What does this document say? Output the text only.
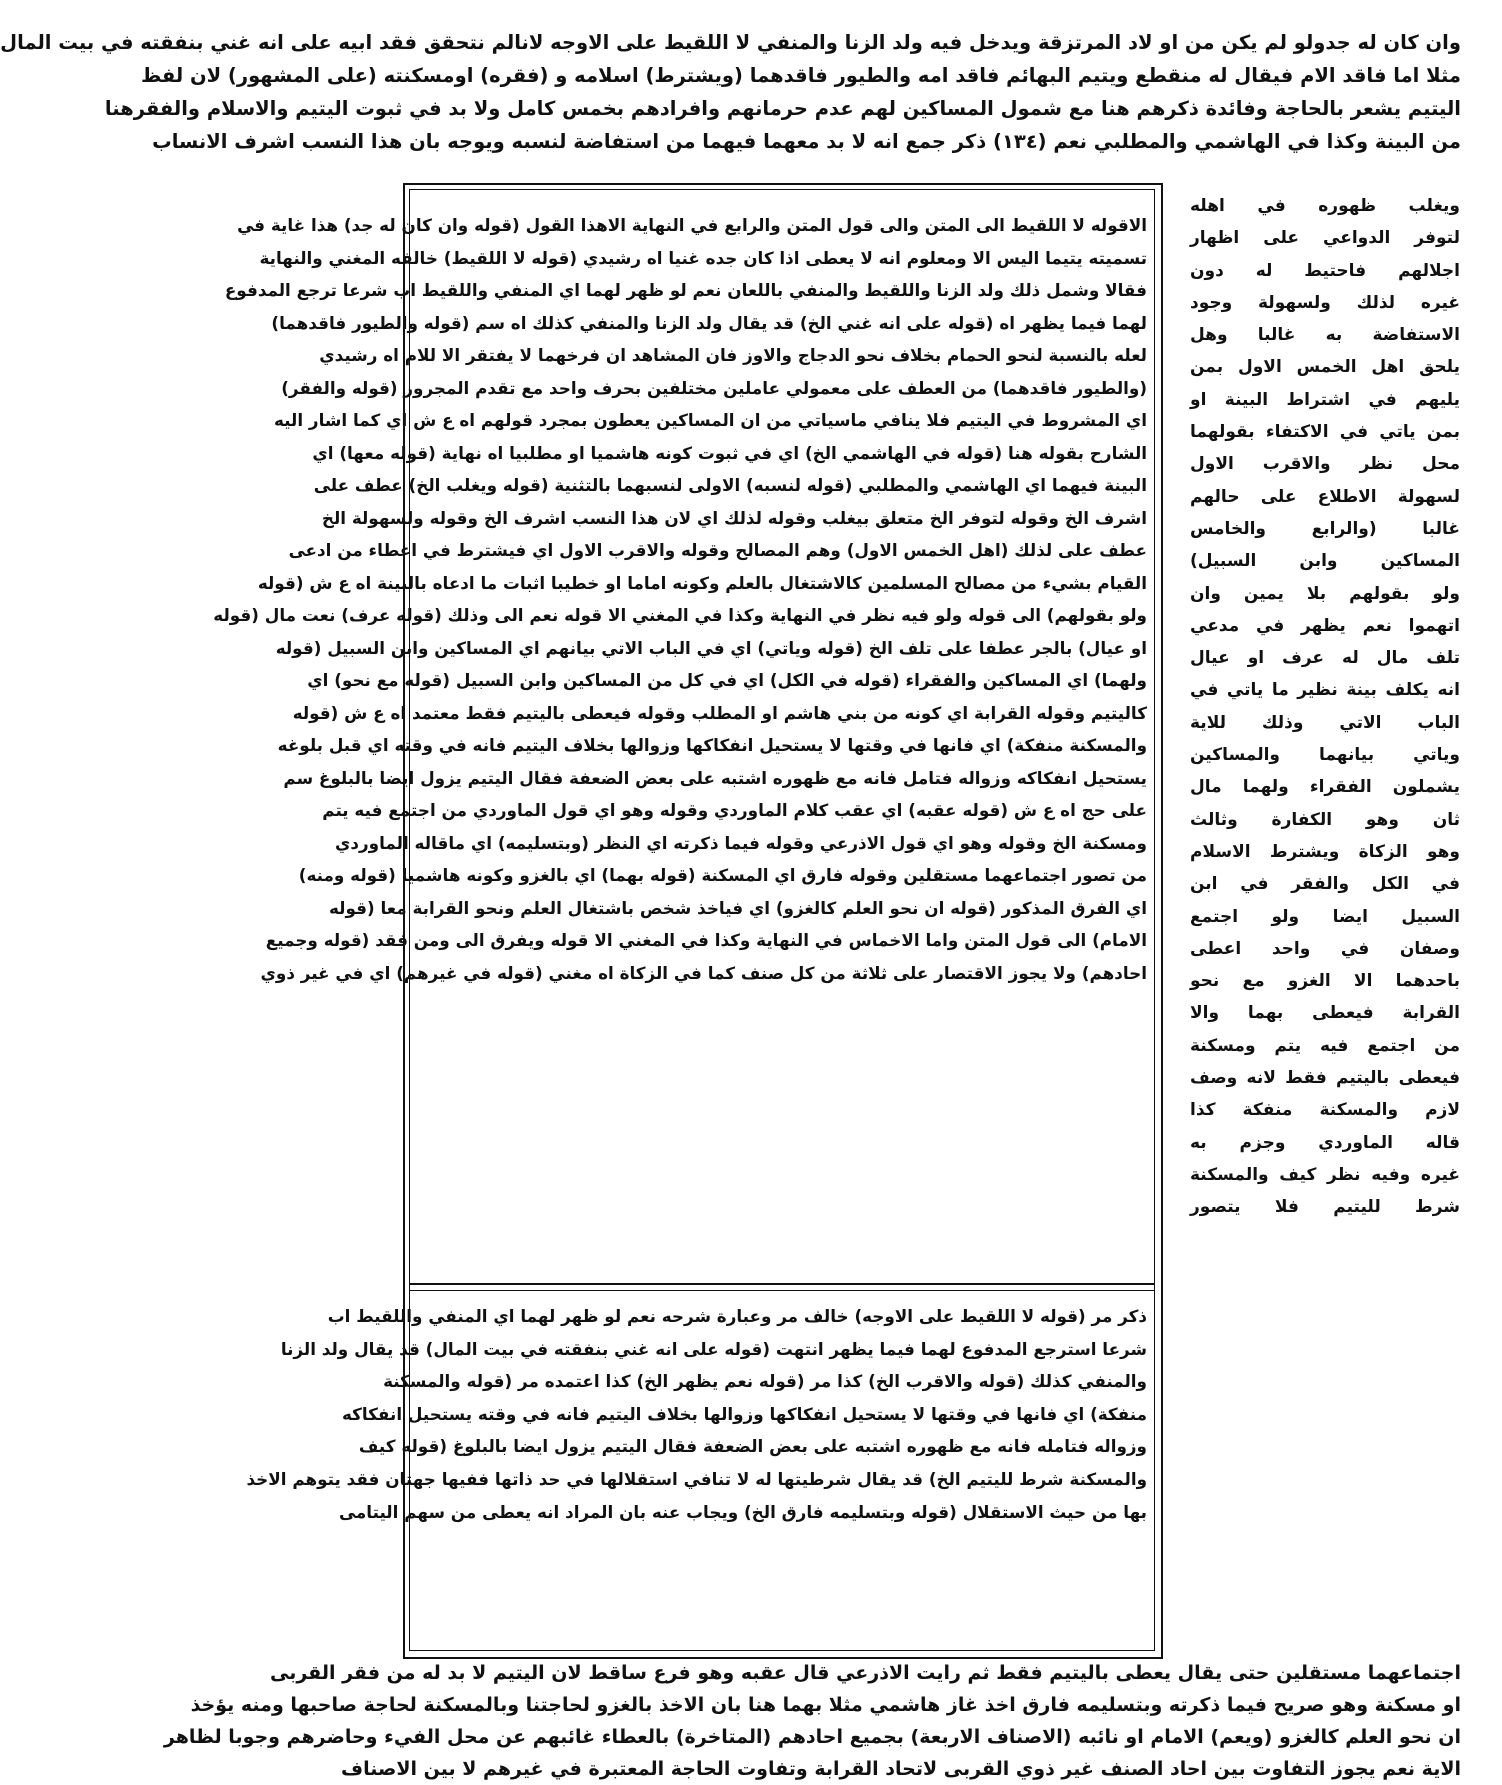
وان كان له جدولو لم يكن من او لاد المرتزقة ويدخل فيه ولد الزنا والمنفي لا اللقيط على الاوجه لانالم نتحقق فقد ابيه على انه غني بنفقته في بيت المال
مثلا اما فاقد الام فيقال له منقطع ويتيم البهائم فاقد امه والطيور فاقدهما (ويشترط) اسلامه و (فقره) اومسكنته (على المشهور) لان لفظ
اليتيم يشعر بالحاجة وفائدة ذكرهم هنا مع شمول المساكين لهم عدم حرمانهم وافرادهم بخمس كامل ولا بد في ثبوت اليتيم والاسلام والفقرهنا
من البينة وكذا في الهاشمي والمطلبي نعم (١٣٤) ذكر جمع انه لا بد معهما فيهما من استفاضة لنسبه ويوجه بان هذا النسب اشرف الانساب
الاقوله لا اللقيط الى المتن والى قول المتن والرابع في النهاية الاهذا القول (قوله وان كان له جد) هذا غاية في
تسميته يتيما اليس الا ومعلوم انه لا يعطى اذا كان جده غنيا اه رشيدي (قوله لا اللقيط) خالفه المغني والنهاية
فقالا وشمل ذلك ولد الزنا واللقيط والمنفي باللعان نعم لو ظهر لهما اي المنفي واللقيط اب شرعا ترجع المدفوع
لهما فيما يظهر اه (قوله على انه غني الخ) قد يقال ولد الزنا والمنفي كذلك اه سم (قوله والطيور فاقدهما)
لعله بالنسبة لنحو الحمام بخلاف نحو الدجاج والاوز فان المشاهد ان فرخهما لا يفتقر الا للام اه رشيدي
(والطيور فاقدهما) من العطف على معمولي عاملين مختلفين بحرف واحد مع تقدم المجرور (قوله والفقر)
اي المشروط في اليتيم فلا ينافي ماسياتي من ان المساكين يعطون بمجرد قولهم اه ع ش اي كما اشار اليه
الشارح بقوله هنا (قوله في الهاشمي الخ) اي في ثبوت كونه هاشميا او مطلبيا اه نهاية (قوله معها) اي
البينة فيهما اي الهاشمي والمطلبي (قوله لنسبه) الاولى لنسبهما بالتثنية (قوله ويغلب الخ) عطف على
اشرف الخ وقوله لتوفر الخ متعلق بيغلب وقوله لذلك اي لان هذا النسب اشرف الخ وقوله ولسهولة الخ
عطف على لذلك (اهل الخمس الاول) وهم المصالح وقوله والاقرب الاول اي فيشترط في اعطاء من ادعى
القيام بشيء من مصالح المسلمين كالاشتغال بالعلم وكونه اماما او خطيبا اثبات ما ادعاه بالبينة اه ع ش (قوله
ولو بقولهم) الى قوله ولو فيه نظر في النهاية وكذا في المغني الا قوله نعم الى وذلك (قوله عرف) نعت مال (قوله
او عيال) بالجر عطفا على تلف الخ (قوله وياتي) اي في الباب الاتي بيانهم اي المساكين وابن السبيل (قوله
ولهما) اي المساكين والفقراء (قوله في الكل) اي في كل من المساكين وابن السبيل (قوله مع نحو) اي
كاليتيم وقوله القرابة اي كونه من بني هاشم او المطلب وقوله فيعطى باليتيم فقط معتمد اه ع ش (قوله
والمسكنة منفكة) اي فانها في وقتها لا يستحيل انفكاكها وزوالها بخلاف اليتيم فانه في وقته اي قبل بلوغه
يستحيل انفكاكه وزواله فتامل فانه مع ظهوره اشتبه على بعض الضعفة فقال اليتيم يزول ايضا بالبلوغ سم
على حج اه ع ش (قوله عقبه) اي عقب كلام الماوردي وقوله وهو اي قول الماوردي من اجتمع فيه يتم
ومسكنة الخ وقوله وهو اي قول الاذرعي وقوله فيما ذكرته اي النظر (وبتسليمه) اي ماقاله الماوردي
من تصور اجتماعهما مستقلين وقوله فارق اي المسكنة (قوله بهما) اي بالغزو وكونه هاشميا (قوله ومنه)
اي الفرق المذكور (قوله ان نحو العلم كالغزو) اي فياخذ شخص باشتغال العلم ونحو القرابة معا (قوله
الامام) الى قول المتن واما الاخماس في النهاية وكذا في المغني الا قوله ويفرق الى ومن فقد (قوله وجميع
احادهم) ولا يجوز الاقتصار على ثلاثة من كل صنف كما في الزكاة اه مغني (قوله في غيرهم) اي في غير ذوي
ذكر مر (قوله لا اللقيط على الاوجه) خالف مر وعبارة شرحه نعم لو ظهر لهما اي المنفي واللقيط اب
شرعا استرجع المدفوع لهما فيما يظهر انتهت (قوله على انه غني بنفقته في بيت المال) قد يقال ولد الزنا
والمنفي كذلك (قوله والاقرب الخ) كذا مر (قوله نعم يظهر الخ) كذا اعتمده مر (قوله والمسكنة
منفكة) اي فانها في وقتها لا يستحيل انفكاكها وزوالها بخلاف اليتيم فانه في وقته يستحيل انفكاكه
وزواله فتامله فانه مع ظهوره اشتبه على بعض الضعفة فقال اليتيم يزول ايضا بالبلوغ (قوله كيف
والمسكنة شرط لليتيم الخ) قد يقال شرطيتها له لا تنافي استقلالها في حد ذاتها ففيها جهتان فقد يتوهم الاخذ
بها من حيث الاستقلال (قوله وبتسليمه فارق الخ) ويجاب عنه بان المراد انه يعطى من سهم اليتامى
ويغلب ظهوره في اهله
لتوفر الدواعي على اظهار
اجلالهم فاحتيط له دون
غيره لذلك ولسهولة وجود
الاستفاضة به غالبا وهل
يلحق اهل الخمس الاول بمن
يليهم في اشتراط البينة او
بمن ياتي في الاكتفاء بقولهما
محل نظر والاقرب الاول
لسهولة الاطلاع على حالهم
غالبا (والرابع والخامس
المساكين وابن السبيل)
ولو بقولهم بلا يمين وان
اتهموا نعم يظهر في مدعي
تلف مال له عرف او عيال
انه يكلف بينة نظير ما ياتي في
الباب الاتي وذلك للاية
وياتي بيانهما والمساكين
يشملون الفقراء ولهما مال
ثان وهو الكفارة وثالث
وهو الزكاة ويشترط الاسلام
في الكل والفقر في ابن
السبيل ايضا ولو اجتمع
وصفان في واحد اعطى
باحدهما الا الغزو مع نحو
القرابة فيعطى بهما والا
من اجتمع فيه يتم ومسكنة
فيعطى باليتيم فقط لانه وصف
لازم والمسكنة منفكة كذا
قاله الماوردي وجزم به
غيره وفيه نظر كيف والمسكنة
شرط لليتيم فلا يتصور
اجتماعهما مستقلين حتى يقال يعطى باليتيم فقط ثم رايت الاذرعي قال عقبه وهو فرع ساقط لان اليتيم لا بد له من فقر القربى
او مسكنة وهو صريح فيما ذكرته وبتسليمه فارق اخذ غاز هاشمي مثلا بهما هنا بان الاخذ بالغزو لحاجتنا وبالمسكنة لحاجة صاحبها ومنه يؤخذ
ان نحو العلم كالغزو (ويعم) الامام او نائبه (الاصناف الاربعة) بجميع احادهم (المتاخرة) بالعطاء غائبهم عن محل الفيء وحاضرهم وجوبا لظاهر
الاية نعم يجوز التفاوت بين احاد الصنف غير ذوي القربى لاتحاد القرابة وتفاوت الحاجة المعتبرة في غيرهم لا بين الاصناف
١٣٤
